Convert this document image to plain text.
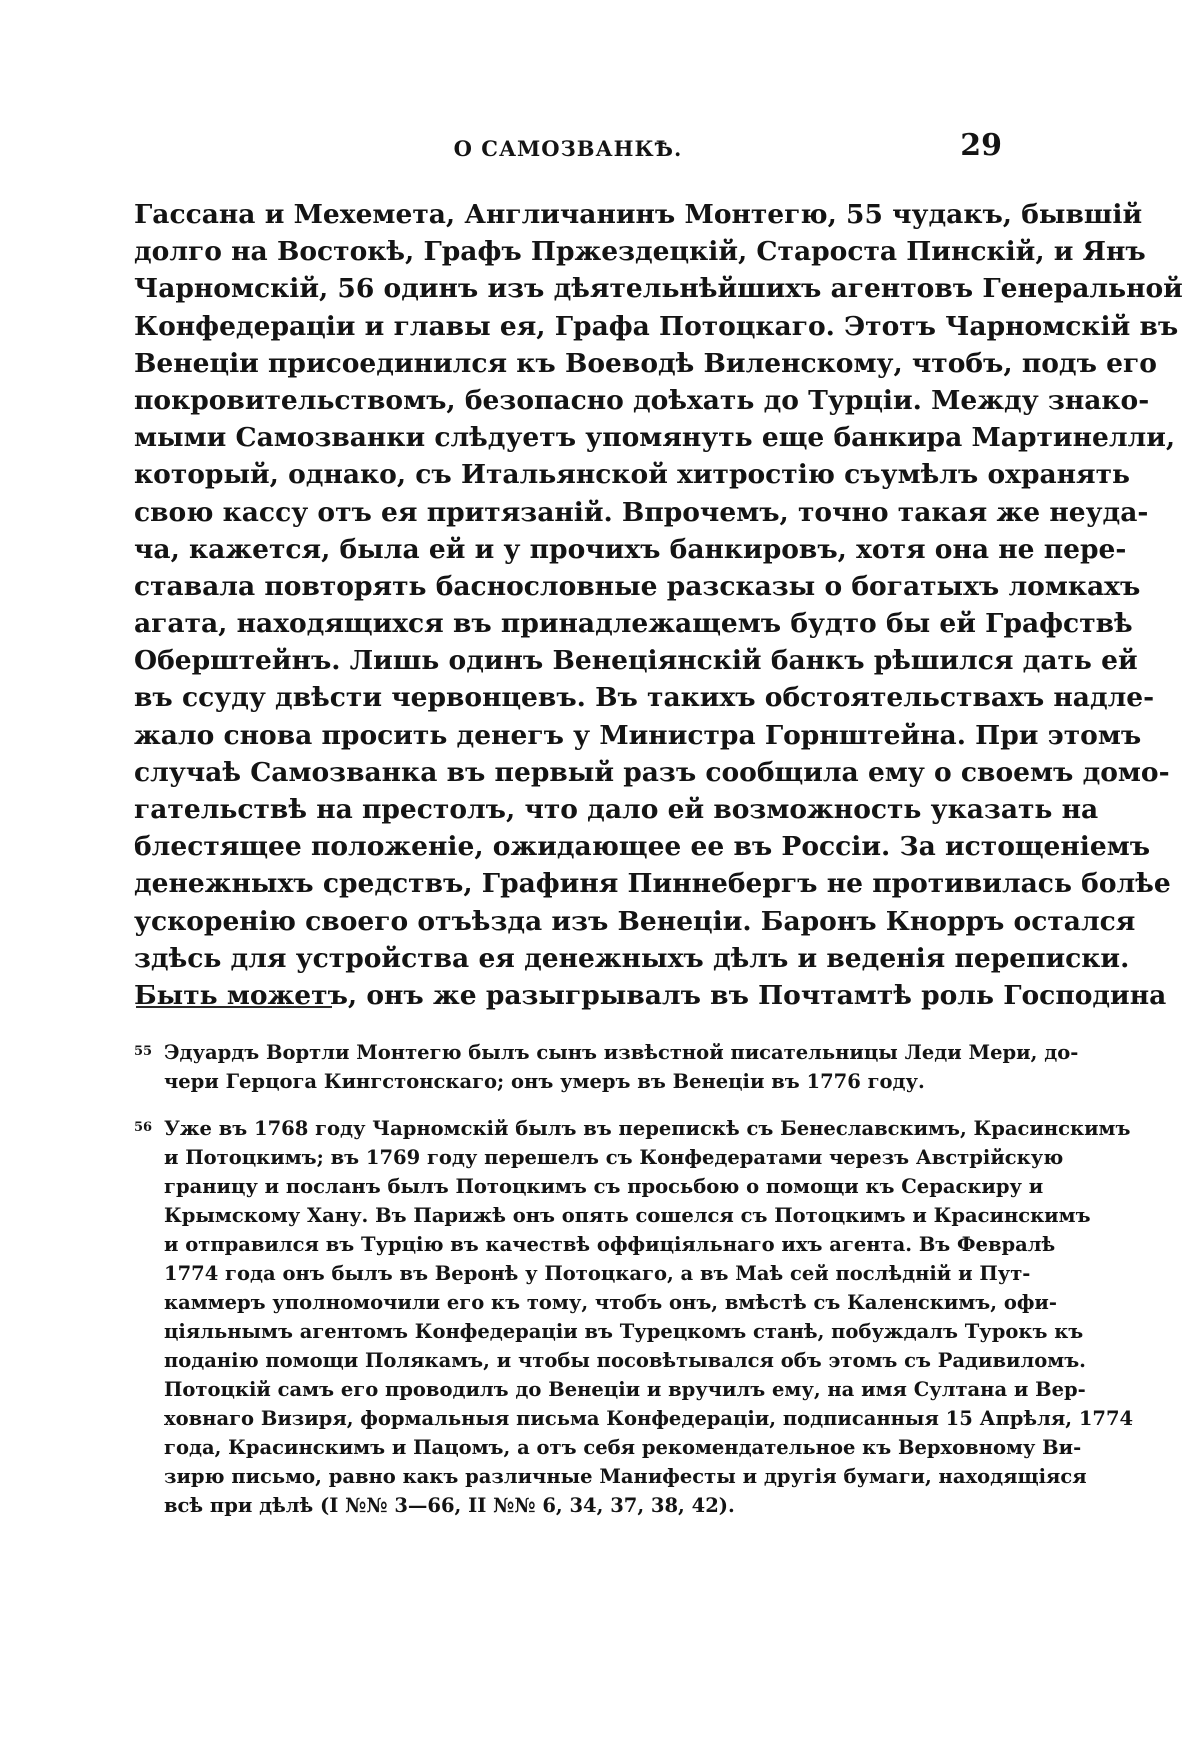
О САМОЗВАНКѢ.	29
Гассана и Мехемета, Англичанинъ Монтегю, 55 чудакъ, бывшій
долго на Востокѣ, Графъ Пржездецкій, Староста Пинскій, и Янъ
Чарномскій, 56 одинъ изъ дѣятельнѣйшихъ агентовъ Генеральной
Конфедераціи и главы ея, Графа Потоцкаго. Этотъ Чарномскій въ
Венеціи присоединился къ Воеводѣ Виленскому, чтобъ, подъ его
покровительствомъ, безопасно доѣхать до Турціи. Между знако-
мыми Самозванки слѣдуетъ упомянуть еще банкира Мартинелли,
который, однако, съ Итальянской хитростію съумѣлъ охранять
свою кассу отъ ея притязаній. Впрочемъ, точно такая же неуда-
ча, кажется, была ей и у прочихъ банкировъ, хотя она не пере-
ставала повторять баснословные разсказы о богатыхъ ломкахъ
агата, находящихся въ принадлежащемъ будто бы ей Графствѣ
Оберштейнъ. Лишь одинъ Венеціянскій банкъ рѣшился дать ей
въ ссуду двѣсти червонцевъ. Въ такихъ обстоятельствахъ надле-
жало снова просить денегъ у Министра Горнштейна. При этомъ
случаѣ Самозванка въ первый разъ сообщила ему о своемъ домо-
гательствѣ на престолъ, что дало ей возможность указать на
блестящее положеніе, ожидающее ее въ Россіи. За истощеніемъ
денежныхъ средствъ, Графиня Пиннебергъ не противилась болѣе
ускоренію своего отъѣзда изъ Венеціи. Баронъ Кнорръ остался
здѣсь для устройства ея денежныхъ дѣлъ и веденія переписки.
Быть можетъ, онъ же разыгрывалъ въ Почтамтѣ роль Господина
55 Эдуардъ Вортли Монтегю былъ сынъ извѣстной писательницы Леди Мери, до-
чери Герцога Кингстонскаго; онъ умеръ въ Венеціи въ 1776 году.
56 Уже въ 1768 году Чарномскій былъ въ перепискѣ съ Бенеславскимъ, Красинскимъ
и Потоцкимъ; въ 1769 году перешелъ съ Конфедератами черезъ Австрійскую
границу и посланъ былъ Потоцкимъ съ просьбою о помощи къ Сераскиру и
Крымскому Хану. Въ Парижѣ онъ опять сошелся съ Потоцкимъ и Красинскимъ
и отправился въ Турцію въ качествѣ оффиціяльнаго ихъ агента. Въ Февралѣ
1774 года онъ былъ въ Веронѣ у Потоцкаго, а въ Маѣ сей послѣдній и Пут-
каммеръ уполномочили его къ тому, чтобъ онъ, вмѣстѣ съ Каленскимъ, офи-
ціяльнымъ агентомъ Конфедераціи въ Турецкомъ станѣ, побуждалъ Турокъ къ
поданію помощи Полякамъ, и чтобы посовѣтывался объ этомъ съ Радивиломъ.
Потоцкій самъ его проводилъ до Венеціи и вручилъ ему, на имя Султана и Вер-
ховнаго Визиря, формальныя письма Конфедераціи, подписанныя 15 Апрѣля, 1774
года, Красинскимъ и Пацомъ, а отъ себя рекомендательное къ Верховному Ви-
зирю письмо, равно какъ различные Манифесты и другія бумаги, находящіяся
всѣ при дѣлѣ (I №№ 3—66, II №№ 6, 34, 37, 38, 42).
